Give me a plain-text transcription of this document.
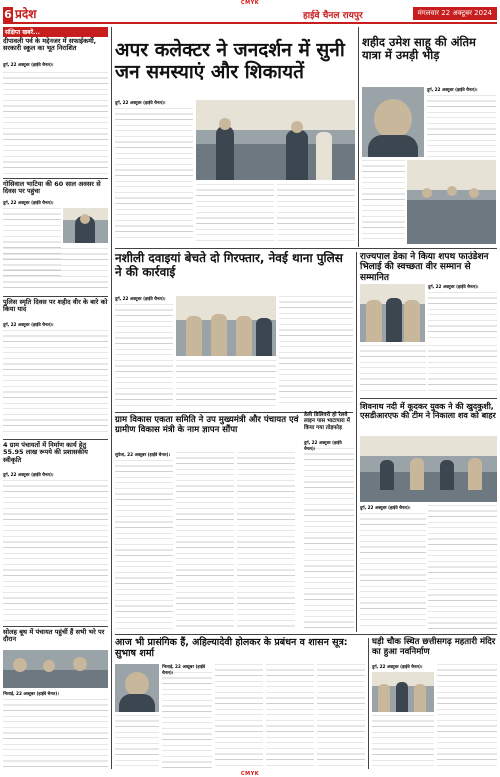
CMYK
6 प्रदेश	हाईवे चैनल रायपुर	मंगलवार 22 अक्टूबर 2024
संक्षिप्त खबरें...
दीपावली पर्व के मद्देनजर में सफाईकर्मी, सरकारी स्कूल का भूत निराशित
दुर्ग, 22 अक्टूबर (हाईवे चैनल)।
गोसिवाल भाटिया की 60 साल अवसर से दिवस पर पहुंचा
दुर्ग, 22 अक्टूबर (हाईवे चैनल)।
पुलिस स्मृति दिवस पर शहीद वीर के बारे को किया याद
दुर्ग, 22 अक्टूबर (हाईवे चैनल)।
4 ग्राम पंचायतों में निर्माण कार्य हेतु 55.95 लाख रूपये की प्रशासकीय स्वीकृति
दुर्ग, 22 अक्टूबर (हाईवे चैनल)।
सोलह बूथ में पंचायत पहुंचीं हैं सभी भरे पर दौरान
भिलाई, 22 अक्टूबर (हाईवे चैनल)।
अपर कलेक्टर ने जनदर्शन में सुनी जन समस्याएं और शिकायतें
दुर्ग, 22 अक्टूबर (हाईवे चैनल)।
शहीद उमेश साहू की अंतिम यात्रा में उमड़ी भीड़
दुर्ग, 22 अक्टूबर (हाईवे चैनल)।
नशीली दवाइयां बेचते दो गिरफ्तार, नेवई थाना पुलिस ने की कार्रवाई
दुर्ग, 22 अक्टूबर (हाईवे चैनल)।
ग्राम विकास एकता समिति ने उप मुख्यमंत्री और पंचायत एवं ग्रामीण विकास मंत्री के नाम ज्ञापन सौंपा
सुपेला, 22 अक्टूबर (हाईवे चैनल)।
डेली डिलिवरी हो रेलवे लाइन पास भाटापारा में किया गया तोड़फोड़
दुर्ग, 22 अक्टूबर (हाईवे चैनल)।
राज्यपाल डेका ने किया शपथ फाउंडेशन भिलाई की स्वच्छता वीर सम्मान से सम्मानित
दुर्ग, 22 अक्टूबर (हाईवे चैनल)।
शिवनाथ नदी में कूदकर युवक ने की खुदकुशी, एसडीआरएफ की टीम ने निकाला शव को बाहर
दुर्ग, 22 अक्टूबर (हाईवे चैनल)।
आज भी प्रासंगिक हैं, अहिल्यादेवी होलकर के प्रबंधन व शासन सूत्र: सुभाष शर्मा
भिलाई, 22 अक्टूबर (हाईवे चैनल)।
घड़ी चौक स्थित छत्तीसगढ़ महतारी मंदिर का हुआ नवनिर्माण
दुर्ग, 22 अक्टूबर (हाईवे चैनल)।
CMYK
